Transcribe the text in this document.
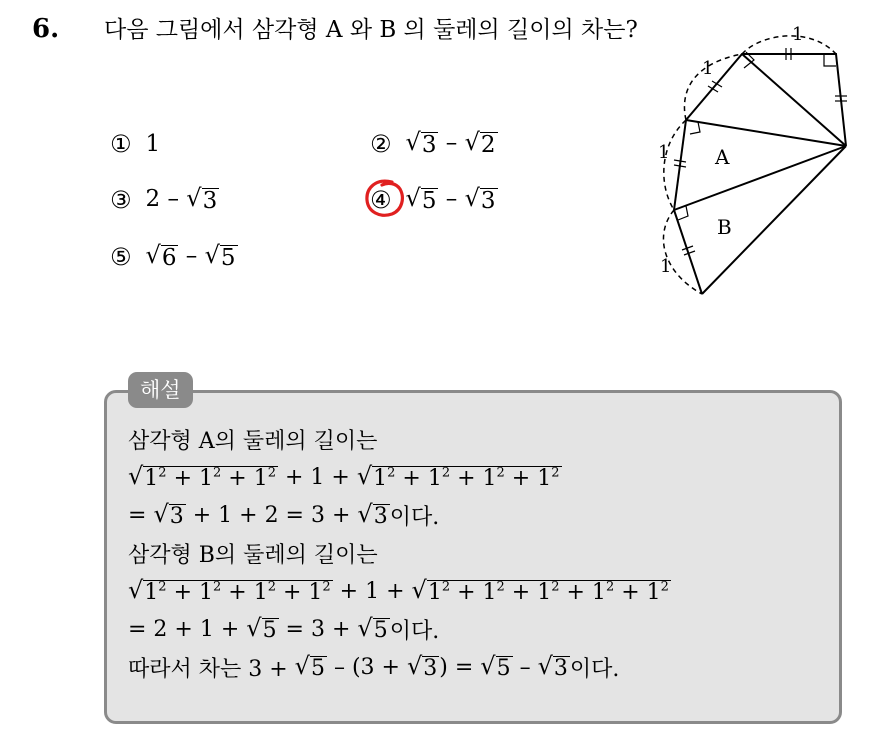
6. 다음 그림에서 삼각형 A 와 B 의 둘레의 길이의 차는?
① 1	② √ 3 – √ 2
③ 2 – √ 3	④ √ 5 – √ 3
⑤ √ 6 – √ 5
A
B
1
1
1
1
해설
삼각형 A의 둘레의 길이는
√ $1^2 + 1^2 + 1^2 + 1$ + √ $1^2 + 1^2 + 1^2 + 1^2$
= √ 3 + 1 + 2 = 3 + √ 3 이다.
삼각형 B의 둘레의 길이는
√ $1^2 + 1^2 + 1^2 + 1^2 + 1$ + √ $1^2 + 1^2 + 1^2 + 1^2 + 1^2$
= 2 + 1 + √ 5 = 3 + √ 5 이다.
따라서 차는 3 + √ 5 – (3 + √ 3 ) = √ 5 – √ 3 이다.
